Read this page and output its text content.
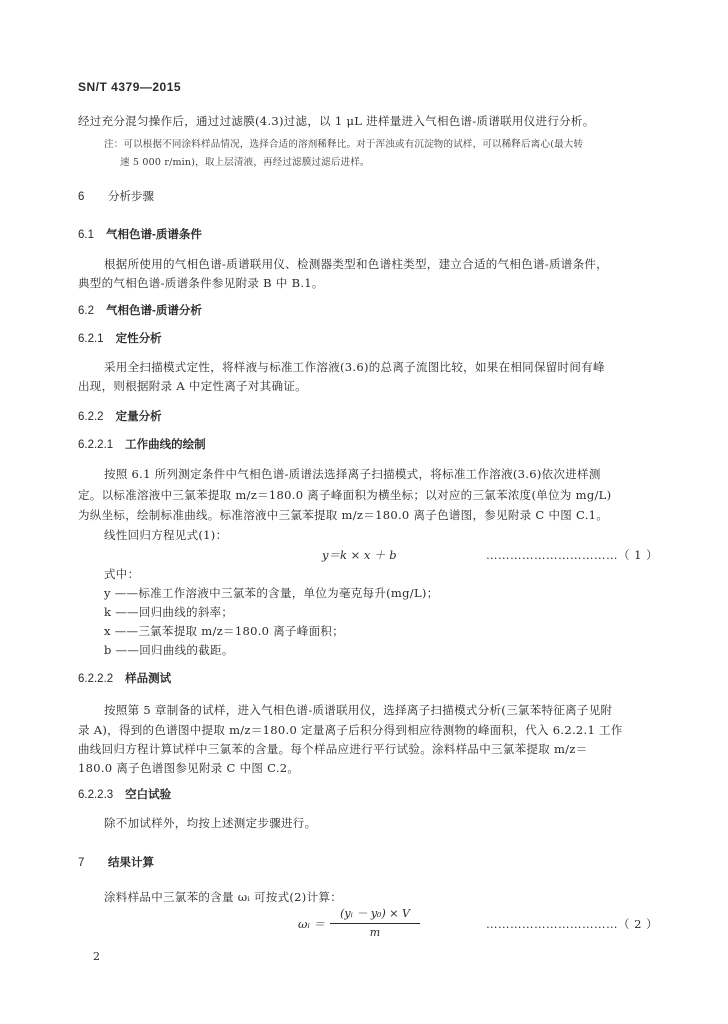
SN/T 4379—2015
经过充分混匀操作后，通过过滤膜(4.3)过滤，以 1 μL 进样量进入气相色谱-质谱联用仪进行分析。
注：可以根据不同涂料样品情况，选择合适的溶剂稀释比。对于浑浊或有沉淀物的试样，可以稀释后离心(最大转
速 5 000 r/min)，取上层清液，再经过滤膜过滤后进样。
6 分析步骤
6.1 气相色谱-质谱条件
根据所使用的气相色谱-质谱联用仪、检测器类型和色谱柱类型，建立合适的气相色谱-质谱条件，
典型的气相色谱-质谱条件参见附录 B 中 B.1。
6.2 气相色谱-质谱分析
6.2.1 定性分析
采用全扫描模式定性，将样液与标准工作溶液(3.6)的总离子流图比较，如果在相同保留时间有峰
出现，则根据附录 A 中定性离子对其确证。
6.2.2 定量分析
6.2.2.1 工作曲线的绘制
按照 6.1 所列测定条件中气相色谱-质谱法选择离子扫描模式，将标准工作溶液(3.6)依次进样测
定。以标准溶液中三氯苯提取 m/z＝180.0 离子峰面积为横坐标；以对应的三氯苯浓度(单位为 mg/L)
为纵坐标，绘制标准曲线。标准溶液中三氯苯提取 m/z＝180.0 离子色谱图，参见附录 C 中图 C.1。
线性回归方程见式(1)：
y＝k × x ＋ b	……………………………（ 1 ）
式中：
y ——标准工作溶液中三氯苯的含量，单位为毫克每升(mg/L)；
k ——回归曲线的斜率；
x ——三氯苯提取 m/z＝180.0 离子峰面积；
b ——回归曲线的截距。
6.2.2.2 样品测试
按照第 5 章制备的试样，进入气相色谱-质谱联用仪，选择离子扫描模式分析(三氯苯特征离子见附
录 A)，得到的色谱图中提取 m/z＝180.0 定量离子后积分得到相应待测物的峰面积，代入 6.2.2.1 工作
曲线回归方程计算试样中三氯苯的含量。每个样品应进行平行试验。涂料样品中三氯苯提取 m/z＝
180.0 离子色谱图参见附录 C 中图 C.2。
6.2.2.3 空白试验
除不加试样外，均按上述测定步骤进行。
7 结果计算
涂料样品中三氯苯的含量 ωᵢ 可按式(2)计算：
ωᵢ ＝
(yᵢ － y₀) × V
m
……………………………（ 2 ）
2
